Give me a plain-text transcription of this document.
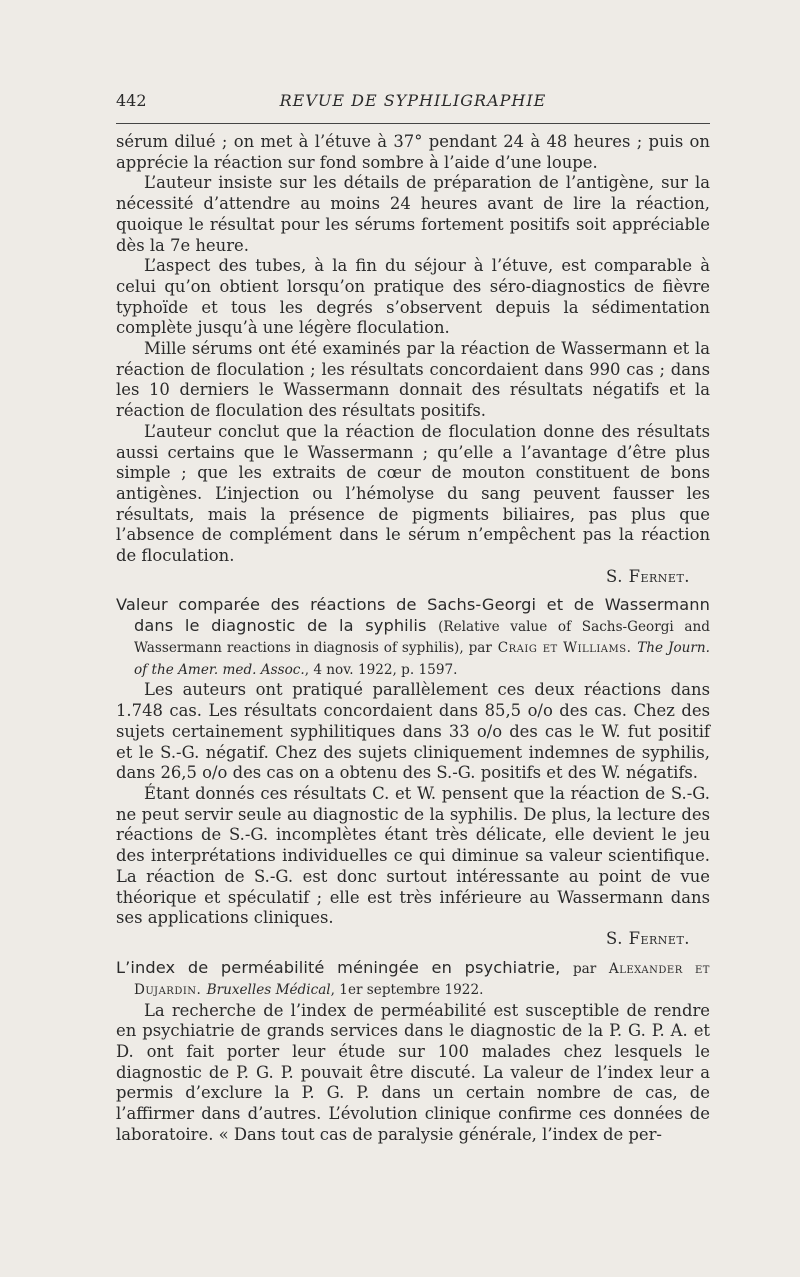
442	REVUE DE SYPHILIGRAPHIE

sérum dilué ; on met à l’étuve à 37° pendant 24 à 48 heures ; puis on apprécie la réaction sur fond sombre à l’aide d’une loupe.

L’auteur insiste sur les détails de préparation de l’antigène, sur la nécessité d’attendre au moins 24 heures avant de lire la réaction, quoique le résultat pour les sérums fortement positifs soit appréciable dès la 7e heure.

L’aspect des tubes, à la fin du séjour à l’étuve, est comparable à celui qu’on obtient lorsqu’on pratique des séro-diagnostics de fièvre typhoïde et tous les degrés s’observent depuis la sédimentation complète jusqu’à une légère floculation.

Mille sérums ont été examinés par la réaction de Wassermann et la réaction de floculation ; les résultats concordaient dans 990 cas ; dans les 10 derniers le Wassermann donnait des résultats négatifs et la réaction de floculation des résultats positifs.

L’auteur conclut que la réaction de floculation donne des résultats aussi certains que le Wassermann ; qu’elle a l’avantage d’être plus simple ; que les extraits de cœur de mouton constituent de bons antigènes. L’injection ou l’hémolyse du sang peuvent fausser les résultats, mais la présence de pigments biliaires, pas plus que l’absence de complément dans le sérum n’empêchent pas la réaction de floculation.

S. Fernet.

Valeur comparée des réactions de Sachs-Georgi et de Wassermann dans le diagnostic de la syphilis (Relative value of Sachs-Georgi and Wassermann reactions in diagnosis of syphilis), par Craig et Williams. The Journ. of the Amer. med. Assoc., 4 nov. 1922, p. 1597.

Les auteurs ont pratiqué parallèlement ces deux réactions dans 1.748 cas. Les résultats concordaient dans 85,5 o/o des cas. Chez des sujets certainement syphilitiques dans 33 o/o des cas le W. fut positif et le S.-G. négatif. Chez des sujets cliniquement indemnes de syphilis, dans 26,5 o/o des cas on a obtenu des S.-G. positifs et des W. négatifs.

Étant donnés ces résultats C. et W. pensent que la réaction de S.-G. ne peut servir seule au diagnostic de la syphilis. De plus, la lecture des réactions de S.-G. incomplètes étant très délicate, elle devient le jeu des interprétations individuelles ce qui diminue sa valeur scientifique. La réaction de S.-G. est donc surtout intéressante au point de vue théorique et spéculatif ; elle est très inférieure au Wassermann dans ses applications cliniques.

S. Fernet.

L’index de perméabilité méningée en psychiatrie, par Alexander et Dujardin. Bruxelles Médical, 1er septembre 1922.

La recherche de l’index de perméabilité est susceptible de rendre en psychiatrie de grands services dans le diagnostic de la P. G. P. A. et D. ont fait porter leur étude sur 100 malades chez lesquels le diagnostic de P. G. P. pouvait être discuté. La valeur de l’index leur a permis d’exclure la P. G. P. dans un certain nombre de cas, de l’affirmer dans d’autres. L’évolution clinique confirme ces données de laboratoire. « Dans tout cas de paralysie générale, l’index de per-
